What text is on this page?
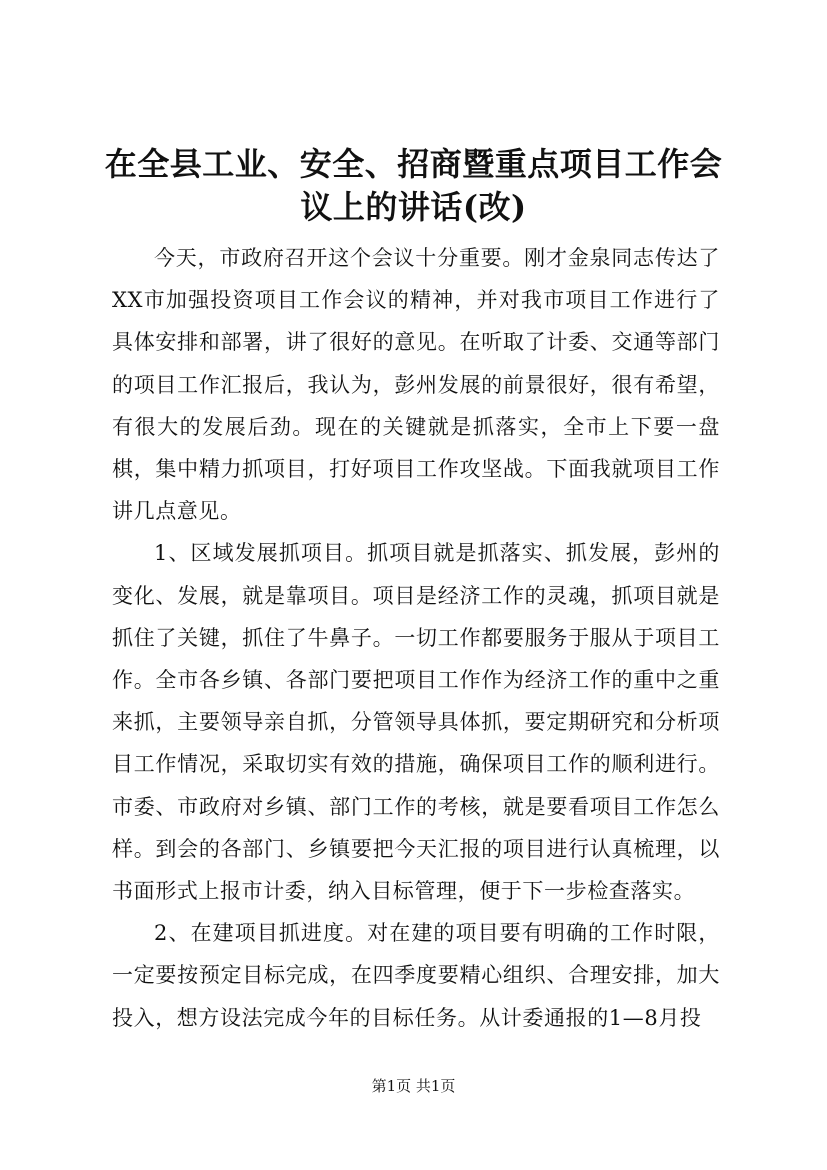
在全县工业、安全、招商暨重点项目工作会议上的讲话(改)

今天，市政府召开这个会议十分重要。刚才金泉同志传达了XX市加强投资项目工作会议的精神，并对我市项目工作进行了具体安排和部署，讲了很好的意见。在听取了计委、交通等部门的项目工作汇报后，我认为，彭州发展的前景很好，很有希望，有很大的发展后劲。现在的关键就是抓落实，全市上下要一盘棋，集中精力抓项目，打好项目工作攻坚战。下面我就项目工作讲几点意见。

1、区域发展抓项目。抓项目就是抓落实、抓发展，彭州的变化、发展，就是靠项目。项目是经济工作的灵魂，抓项目就是抓住了关键，抓住了牛鼻子。一切工作都要服务于服从于项目工作。全市各乡镇、各部门要把项目工作作为经济工作的重中之重来抓，主要领导亲自抓，分管领导具体抓，要定期研究和分析项目工作情况，采取切实有效的措施，确保项目工作的顺利进行。市委、市政府对乡镇、部门工作的考核，就是要看项目工作怎么样。到会的各部门、乡镇要把今天汇报的项目进行认真梳理，以书面形式上报市计委，纳入目标管理，便于下一步检查落实。

2、在建项目抓进度。对在建的项目要有明确的工作时限，一定要按预定目标完成，在四季度要精心组织、合理安排，加大投入，想方设法完成今年的目标任务。从计委通报的1—8月投

第1页 共1页
